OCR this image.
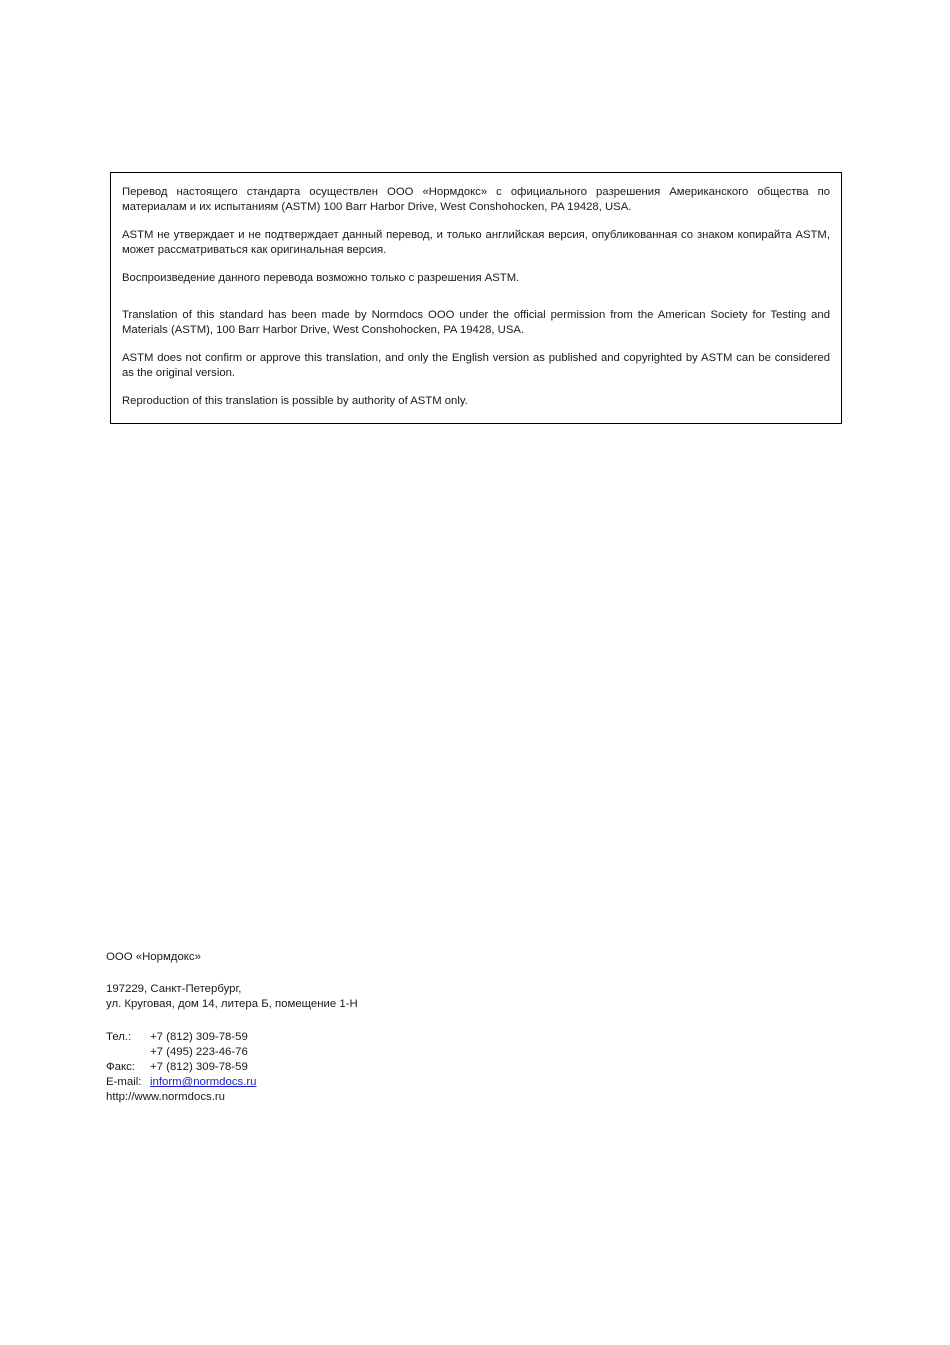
Перевод настоящего стандарта осуществлен ООО «Нормдокс» с официального разрешения Американского общества по материалам и их испытаниям (ASTM) 100 Barr Harbor Drive, West Conshohocken, PA 19428, USA.

ASTM не утверждает и не подтверждает данный перевод, и только английская версия, опубликованная со знаком копирайта ASTM, может рассматриваться как оригинальная версия.

Воспроизведение данного перевода возможно только с разрешения ASTM.

Translation of this standard has been made by Normdocs OOO under the official permission from the American Society for Testing and Materials (ASTM), 100 Barr Harbor Drive, West Conshohocken, PA 19428, USA.

ASTM does not confirm or approve this translation, and only the English version as published and copyrighted by ASTM can be considered as the original version.

Reproduction of this translation is possible by authority of ASTM only.

ООО «Нормдокс»
197229, Санкт-Петербург,
ул. Круговая, дом 14, литера Б, помещение 1-Н
Тел.:	+7 (812) 309-78-59
+7 (495) 223-46-76
Факс:	+7 (812) 309-78-59
E-mail: inform@normdocs.ru
http://www.normdocs.ru
